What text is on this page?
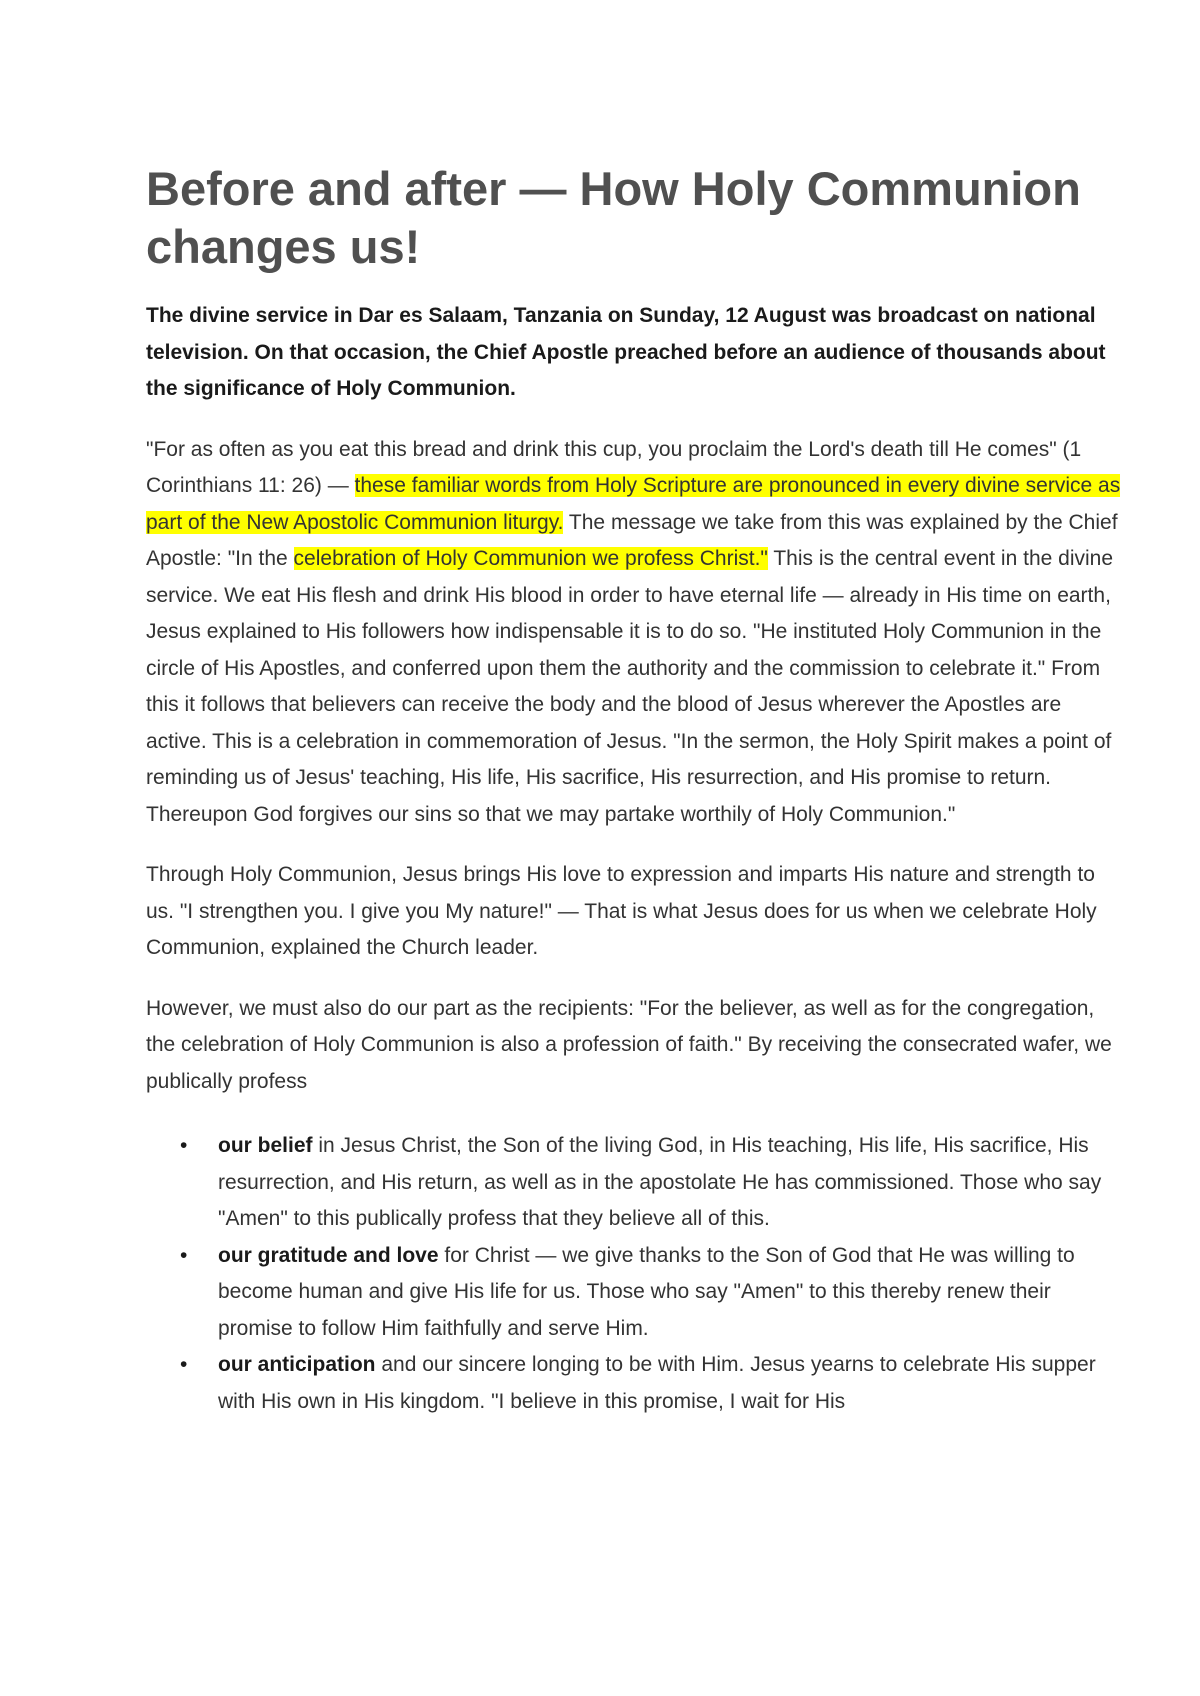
Before and after — How Holy Communion changes us!

The divine service in Dar es Salaam, Tanzania on Sunday, 12 August was broadcast on national television. On that occasion, the Chief Apostle preached before an audience of thousands about the significance of Holy Communion.

"For as often as you eat this bread and drink this cup, you proclaim the Lord's death till He comes" (1 Corinthians 11: 26) — these familiar words from Holy Scripture are pronounced in every divine service as part of the New Apostolic Communion liturgy. The message we take from this was explained by the Chief Apostle: "In the celebration of Holy Communion we profess Christ." This is the central event in the divine service. We eat His flesh and drink His blood in order to have eternal life — already in His time on earth, Jesus explained to His followers how indispensable it is to do so. "He instituted Holy Communion in the circle of His Apostles, and conferred upon them the authority and the commission to celebrate it." From this it follows that believers can receive the body and the blood of Jesus wherever the Apostles are active. This is a celebration in commemoration of Jesus. "In the sermon, the Holy Spirit makes a point of reminding us of Jesus' teaching, His life, His sacrifice, His resurrection, and His promise to return. Thereupon God forgives our sins so that we may partake worthily of Holy Communion."

Through Holy Communion, Jesus brings His love to expression and imparts His nature and strength to us. "I strengthen you. I give you My nature!" — That is what Jesus does for us when we celebrate Holy Communion, explained the Church leader.

However, we must also do our part as the recipients: "For the believer, as well as for the congregation, the celebration of Holy Communion is also a profession of faith." By receiving the consecrated wafer, we publically profess

• our belief in Jesus Christ, the Son of the living God, in His teaching, His life, His sacrifice, His resurrection, and His return, as well as in the apostolate He has commissioned. Those who say "Amen" to this publically profess that they believe all of this.
• our gratitude and love for Christ — we give thanks to the Son of God that He was willing to become human and give His life for us. Those who say "Amen" to this thereby renew their promise to follow Him faithfully and serve Him.
• our anticipation and our sincere longing to be with Him. Jesus yearns to celebrate His supper with His own in His kingdom. "I believe in this promise, I wait for His
